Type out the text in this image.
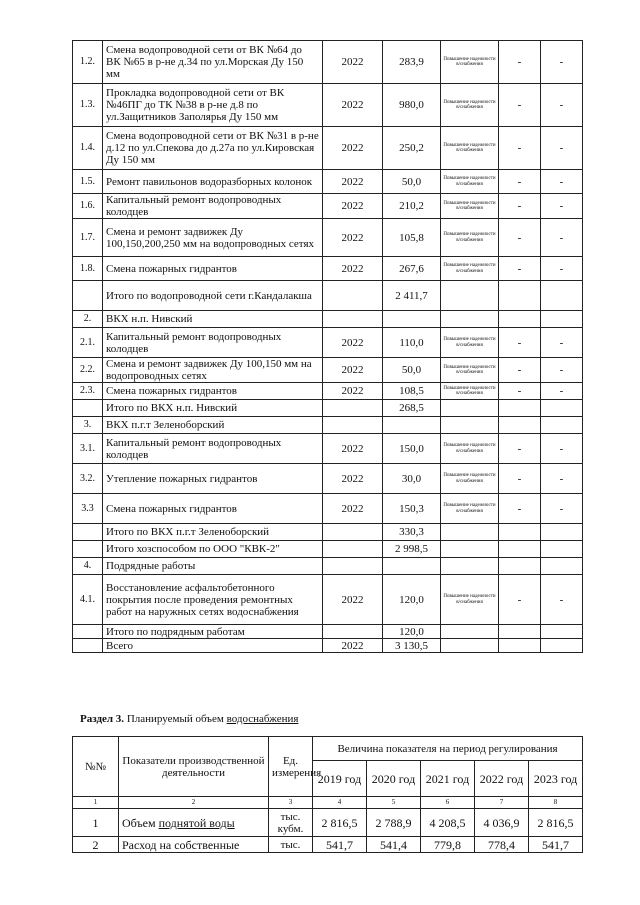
1.2.	Смена водопроводной сети от ВК №64 до ВК №65 в р-не д.34 по ул.Морская Ду 150 мм	2022	283,9	Повышение надежности в/снабжения	-	-
1.3.	Прокладка водопроводной сети от ВК №46ПГ до ТК №38 в р-не д.8 по ул.Защитников Заполярья Ду 150 мм	2022	980,0	Повышение надежности в/снабжения	-	-
1.4.	Смена водопроводной сети от ВК №31 в р-не д.12 по ул.Спекова до д.27а по ул.Кировская Ду 150 мм	2022	250,2	Повышение надежности в/снабжения	-	-
1.5.	Ремонт павильонов водоразборных колонок	2022	50,0	Повышение надежности в/снабжения	-	-
1.6.	Капитальный ремонт водопроводных колодцев	2022	210,2	Повышение надежности в/снабжения	-	-
1.7.	Смена и ремонт задвижек Ду 100,150,200,250 мм на водопроводных сетях	2022	105,8	Повышение надежности в/снабжения	-	-
1.8.	Смена пожарных гидрантов	2022	267,6	Повышение надежности в/снабжения	-	-
	Итого по водопроводной сети г.Кандалакша		2 411,7			
2.	ВКХ н.п. Нивский					
2.1.	Капитальный ремонт водопроводных колодцев	2022	110,0	Повышение надежности в/снабжения	-	-
2.2.	Смена и ремонт задвижек Ду 100,150 мм на водопроводных сетях	2022	50,0	Повышение надежности в/снабжения	-	-
2.3.	Смена пожарных гидрантов	2022	108,5	Повышение надежности в/снабжения	-	-
	Итого по ВКХ н.п. Нивский		268,5			
3.	ВКХ п.г.т Зеленоборский					
3.1.	Капитальный ремонт водопроводных колодцев	2022	150,0	Повышение надежности в/снабжения	-	-
3.2.	Утепление пожарных гидрантов	2022	30,0	Повышение надежности в/снабжения	-	-
3.3	Смена пожарных гидрантов	2022	150,3	Повышение надежности в/снабжения	-	-
	Итого по ВКХ п.г.т Зеленоборский		330,3			
	Итого хозспособом по ООО "КВК-2"		2 998,5			
4.	Подрядные работы					
4.1.	Восстановление асфальтобетонного покрытия после проведения ремонтных работ на наружных сетях водоснабжения	2022	120,0	Повышение надежности в/снабжения	-	-
	Итого по подрядным работам		120,0			
	Всего	2022	3 130,5			
Раздел 3. Планируемый объем водоснабжения
№№	Показатели производственной деятельности	Ед. измерения	Величина показателя на период регулирования				
			2019 год	2020 год	2021 год	2022 год	2023 год
1	2	3	4	5	6	7	8
1	Объем поднятой воды	тыс. кубм.	2 816,5	2 788,9	4 208,5	4 036,9	2 816,5
2	Расход на собственные	тыс.	541,7	541,4	779,8	778,4	541,7
